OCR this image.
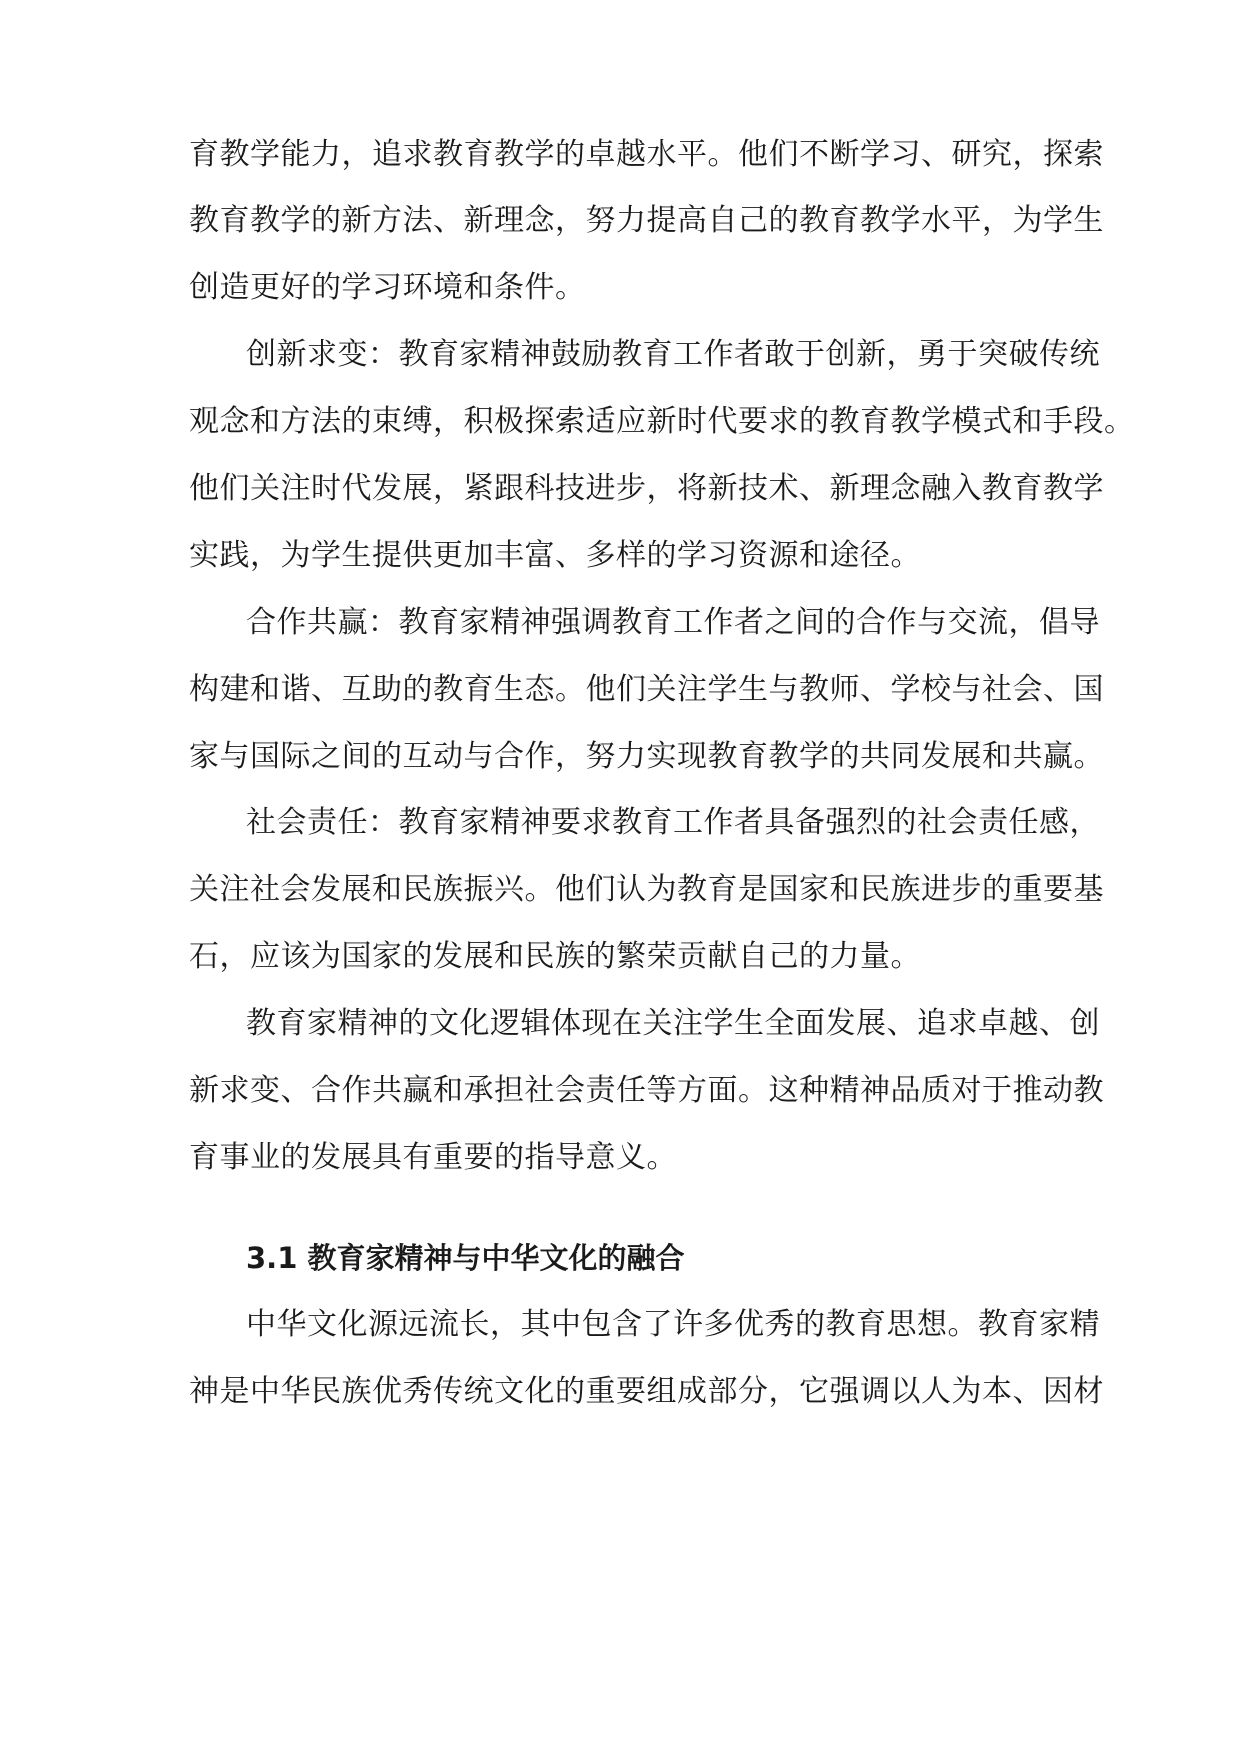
育教学能力，追求教育教学的卓越水平。他们不断学习、研究，探索
教育教学的新方法、新理念，努力提高自己的教育教学水平，为学生
创造更好的学习环境和条件。
创新求变：教育家精神鼓励教育工作者敢于创新，勇于突破传统
观念和方法的束缚，积极探索适应新时代要求的教育教学模式和手段。
他们关注时代发展，紧跟科技进步，将新技术、新理念融入教育教学
实践，为学生提供更加丰富、多样的学习资源和途径。
合作共赢：教育家精神强调教育工作者之间的合作与交流，倡导
构建和谐、互助的教育生态。他们关注学生与教师、学校与社会、国
家与国际之间的互动与合作，努力实现教育教学的共同发展和共赢。
社会责任：教育家精神要求教育工作者具备强烈的社会责任感，
关注社会发展和民族振兴。他们认为教育是国家和民族进步的重要基
石，应该为国家的发展和民族的繁荣贡献自己的力量。
教育家精神的文化逻辑体现在关注学生全面发展、追求卓越、创
新求变、合作共赢和承担社会责任等方面。这种精神品质对于推动教
育事业的发展具有重要的指导意义。
3.1 教育家精神与中华文化的融合
中华文化源远流长，其中包含了许多优秀的教育思想。教育家精
神是中华民族优秀传统文化的重要组成部分，它强调以人为本、因材
